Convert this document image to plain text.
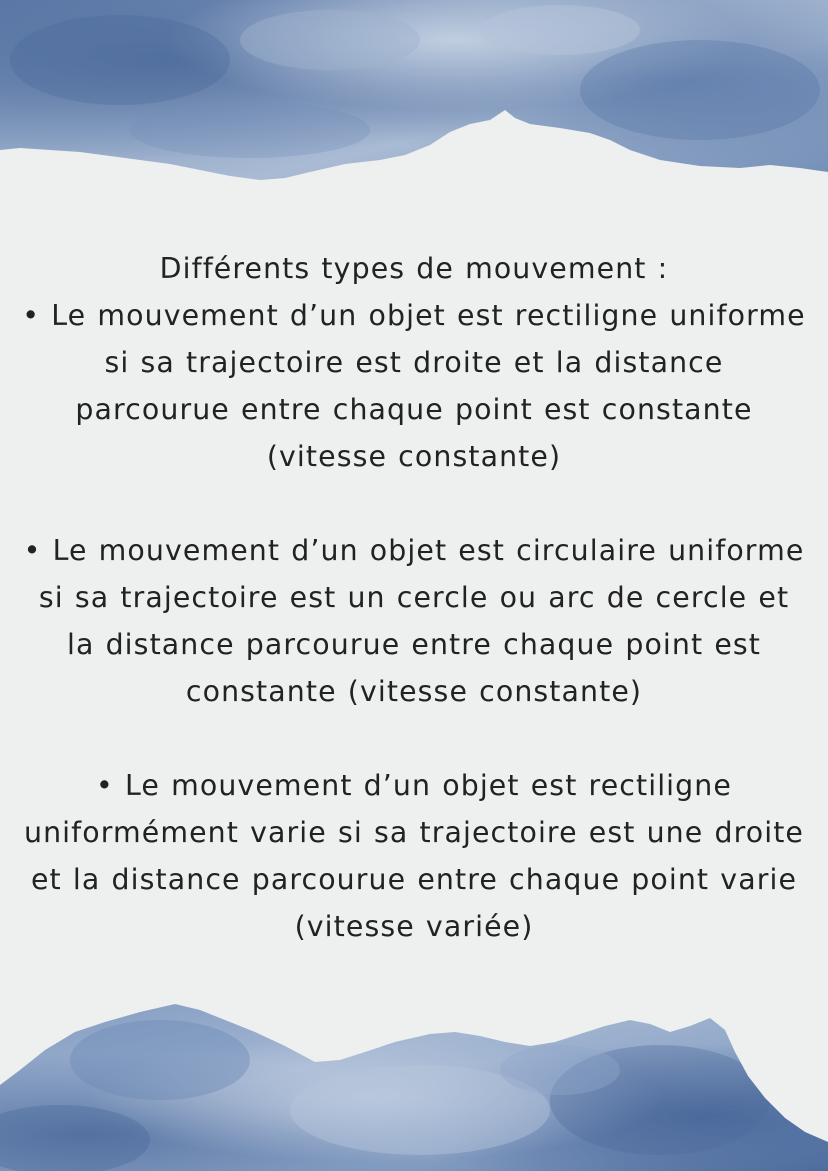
Différents types de mouvement :
• Le mouvement d’un objet est rectiligne uniforme
si sa trajectoire est droite et la distance
parcourue entre chaque point est constante
(vitesse constante)
• Le mouvement d’un objet est circulaire uniforme
si sa trajectoire est un cercle ou arc de cercle et
la distance parcourue entre chaque point est
constante (vitesse constante)
• Le mouvement d’un objet est rectiligne
uniformément varie si sa trajectoire est une droite
et la distance parcourue entre chaque point varie
(vitesse variée)
